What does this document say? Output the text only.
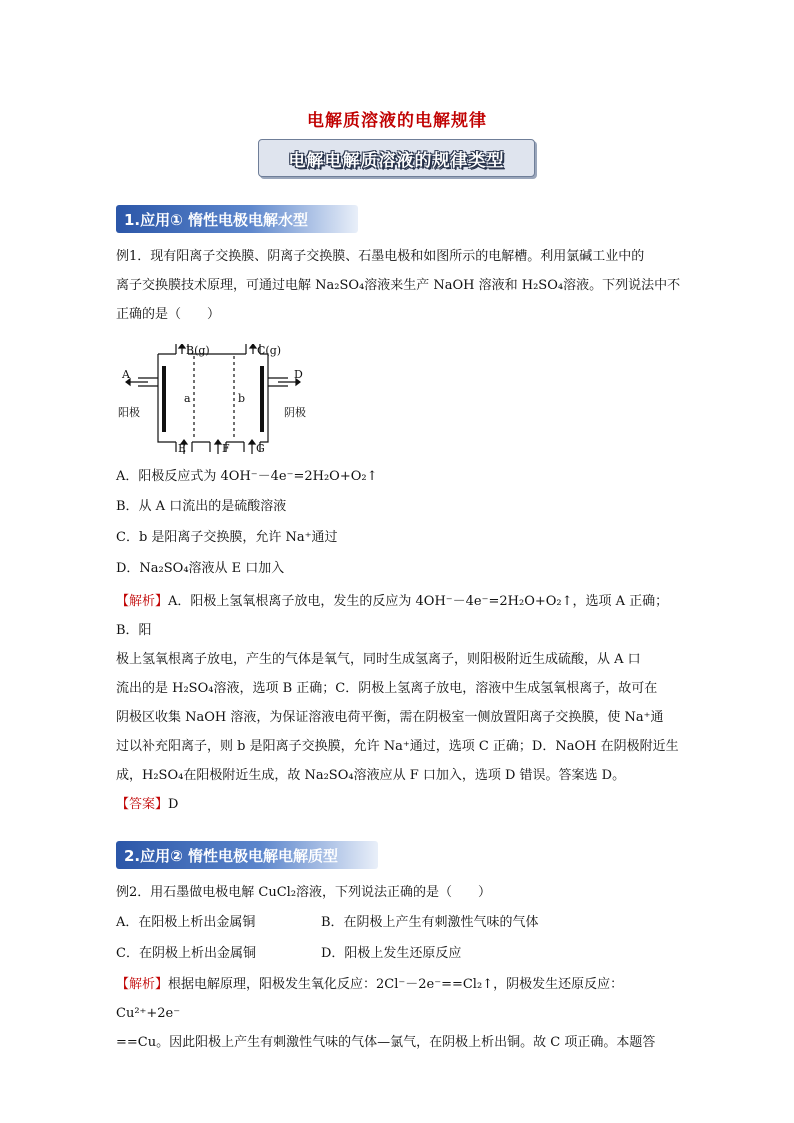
电解质溶液的电解规律
电解电解质溶液的规律类型
1.应用① 惰性电极电解水型
例1．现有阳离子交换膜、阴离子交换膜、石墨电极和如图所示的电解槽。利用氯碱工业中的
离子交换膜技术原理，可通过电解 Na₂SO₄溶液来生产 NaOH 溶液和 H₂SO₄溶液。下列说法中不
正确的是（　　）
B(g)	C(g)
A	D
a	b
阳极	阴极
E	F G
A．阳极反应式为 4OH⁻－4e⁻=2H₂O+O₂↑
B．从 A 口流出的是硫酸溶液
C．b 是阳离子交换膜，允许 Na⁺通过
D．Na₂SO₄溶液从 E 口加入
【解析】A．阳极上氢氧根离子放电，发生的反应为 4OH⁻－4e⁻=2H₂O+O₂↑，选项 A 正确；B．阳
极上氢氧根离子放电，产生的气体是氧气，同时生成氢离子，则阳极附近生成硫酸，从 A 口
流出的是 H₂SO₄溶液，选项 B 正确；C．阴极上氢离子放电，溶液中生成氢氧根离子，故可在
阴极区收集 NaOH 溶液，为保证溶液电荷平衡，需在阴极室一侧放置阳离子交换膜，使 Na⁺通
过以补充阳离子，则 b 是阳离子交换膜，允许 Na⁺通过，选项 C 正确；D．NaOH 在阴极附近生
成，H₂SO₄在阳极附近生成，故 Na₂SO₄溶液应从 F 口加入，选项 D 错误。答案选 D。
【答案】D
2.应用② 惰性电极电解电解质型
例2．用石墨做电极电解 CuCl₂溶液，下列说法正确的是（　　）
A．在阳极上析出金属铜	B．在阴极上产生有刺激性气味的气体
C．在阴极上析出金属铜	D．阳极上发生还原反应
【解析】根据电解原理，阳极发生氧化反应：2Cl⁻－2e⁻==Cl₂↑，阴极发生还原反应：Cu²⁺+2e⁻
==Cu。因此阳极上产生有刺激性气味的气体—氯气，在阴极上析出铜。故 C 项正确。本题答
